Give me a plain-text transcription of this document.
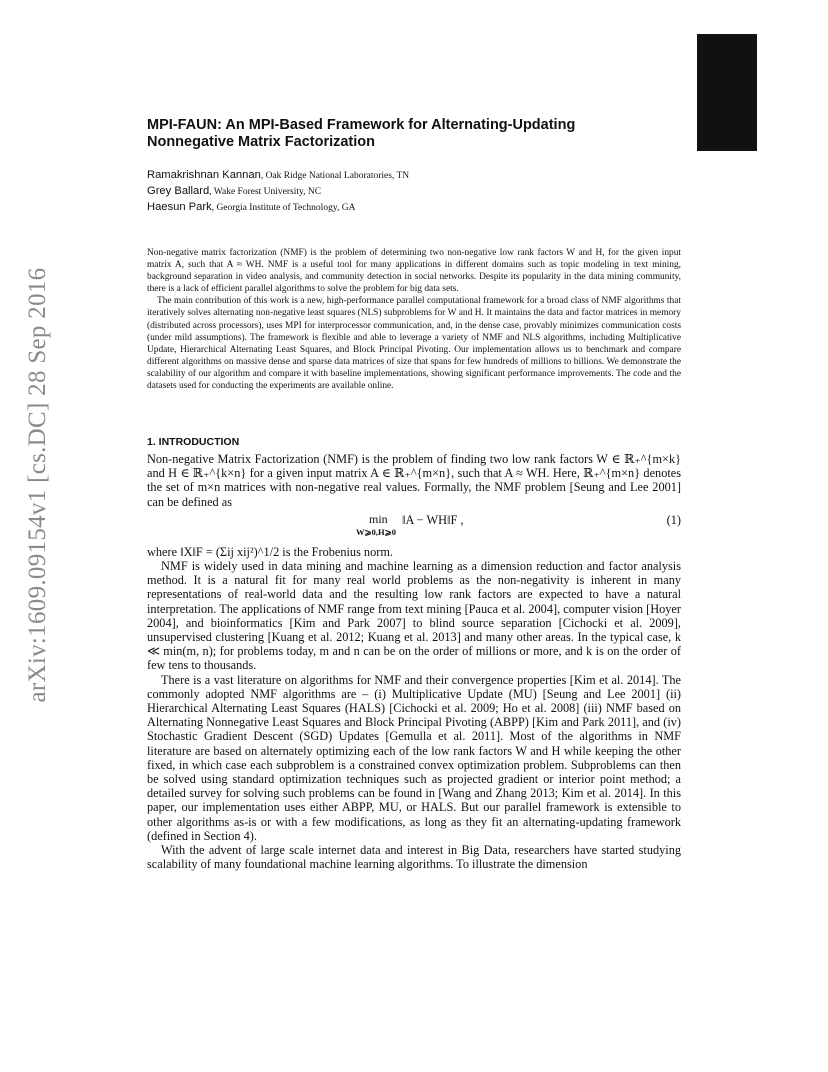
arXiv:1609.09154v1 [cs.DC] 28 Sep 2016
MPI-FAUN: An MPI-Based Framework for Alternating-Updating
Nonnegative Matrix Factorization
Ramakrishnan Kannan, Oak Ridge National Laboratories, TN
Grey Ballard, Wake Forest University, NC
Haesun Park, Georgia Institute of Technology, GA

Non-negative matrix factorization (NMF) is the problem of determining two non-negative low rank factors W and H, for the given input matrix A, such that A ≈ WH. NMF is a useful tool for many applications in different domains such as topic modeling in text mining, background separation in video analysis, and community detection in social networks. Despite its popularity in the data mining community, there is a lack of efficient parallel algorithms to solve the problem for big data sets.

The main contribution of this work is a new, high-performance parallel computational framework for a broad class of NMF algorithms that iteratively solves alternating non-negative least squares (NLS) subproblems for W and H. It maintains the data and factor matrices in memory (distributed across processors), uses MPI for interprocessor communication, and, in the dense case, provably minimizes communication costs (under mild assumptions). The framework is flexible and able to leverage a variety of NMF and NLS algorithms, including Multiplicative Update, Hierarchical Alternating Least Squares, and Block Principal Pivoting. Our implementation allows us to benchmark and compare different algorithms on massive dense and sparse data matrices of size that spans for few hundreds of millions to billions. We demonstrate the scalability of our algorithm and compare it with baseline implementations, showing significant performance improvements. The code and the datasets used for conducting the experiments are available online.

1. INTRODUCTION

Non-negative Matrix Factorization (NMF) is the problem of finding two low rank factors W ∈ ℝ₊^{m×k} and H ∈ ℝ₊^{k×n} for a given input matrix A ∈ ℝ₊^{m×n}, such that A ≈ WH. Here, ℝ₊^{m×n} denotes the set of m×n matrices with non-negative real values. Formally, the NMF problem [Seung and Lee 2001] can be defined as

min
W⩾0,H⩾0
‖A − WH‖F ,	(1)

where ‖X‖F = (Σij xij²)^1/2 is the Frobenius norm.

NMF is widely used in data mining and machine learning as a dimension reduction and factor analysis method. It is a natural fit for many real world problems as the non-negativity is inherent in many representations of real-world data and the resulting low rank factors are expected to have a natural interpretation. The applications of NMF range from text mining [Pauca et al. 2004], computer vision [Hoyer 2004], and bioinformatics [Kim and Park 2007] to blind source separation [Cichocki et al. 2009], unsupervised clustering [Kuang et al. 2012; Kuang et al. 2013] and many other areas. In the typical case, k ≪ min(m, n); for problems today, m and n can be on the order of millions or more, and k is on the order of few tens to thousands.

There is a vast literature on algorithms for NMF and their convergence properties [Kim et al. 2014]. The commonly adopted NMF algorithms are – (i) Multiplicative Update (MU) [Seung and Lee 2001] (ii) Hierarchical Alternating Least Squares (HALS) [Cichocki et al. 2009; Ho et al. 2008] (iii) NMF based on Alternating Nonnegative Least Squares and Block Principal Pivoting (ABPP) [Kim and Park 2011], and (iv) Stochastic Gradient Descent (SGD) Updates [Gemulla et al. 2011]. Most of the algorithms in NMF literature are based on alternately optimizing each of the low rank factors W and H while keeping the other fixed, in which case each subproblem is a constrained convex optimization problem. Subproblems can then be solved using standard optimization techniques such as projected gradient or interior point method; a detailed survey for solving such problems can be found in [Wang and Zhang 2013; Kim et al. 2014]. In this paper, our implementation uses either ABPP, MU, or HALS. But our parallel framework is extensible to other algorithms as-is or with a few modifications, as long as they fit an alternating-updating framework (defined in Section 4).

With the advent of large scale internet data and interest in Big Data, researchers have started studying scalability of many foundational machine learning algorithms. To illustrate the dimension
